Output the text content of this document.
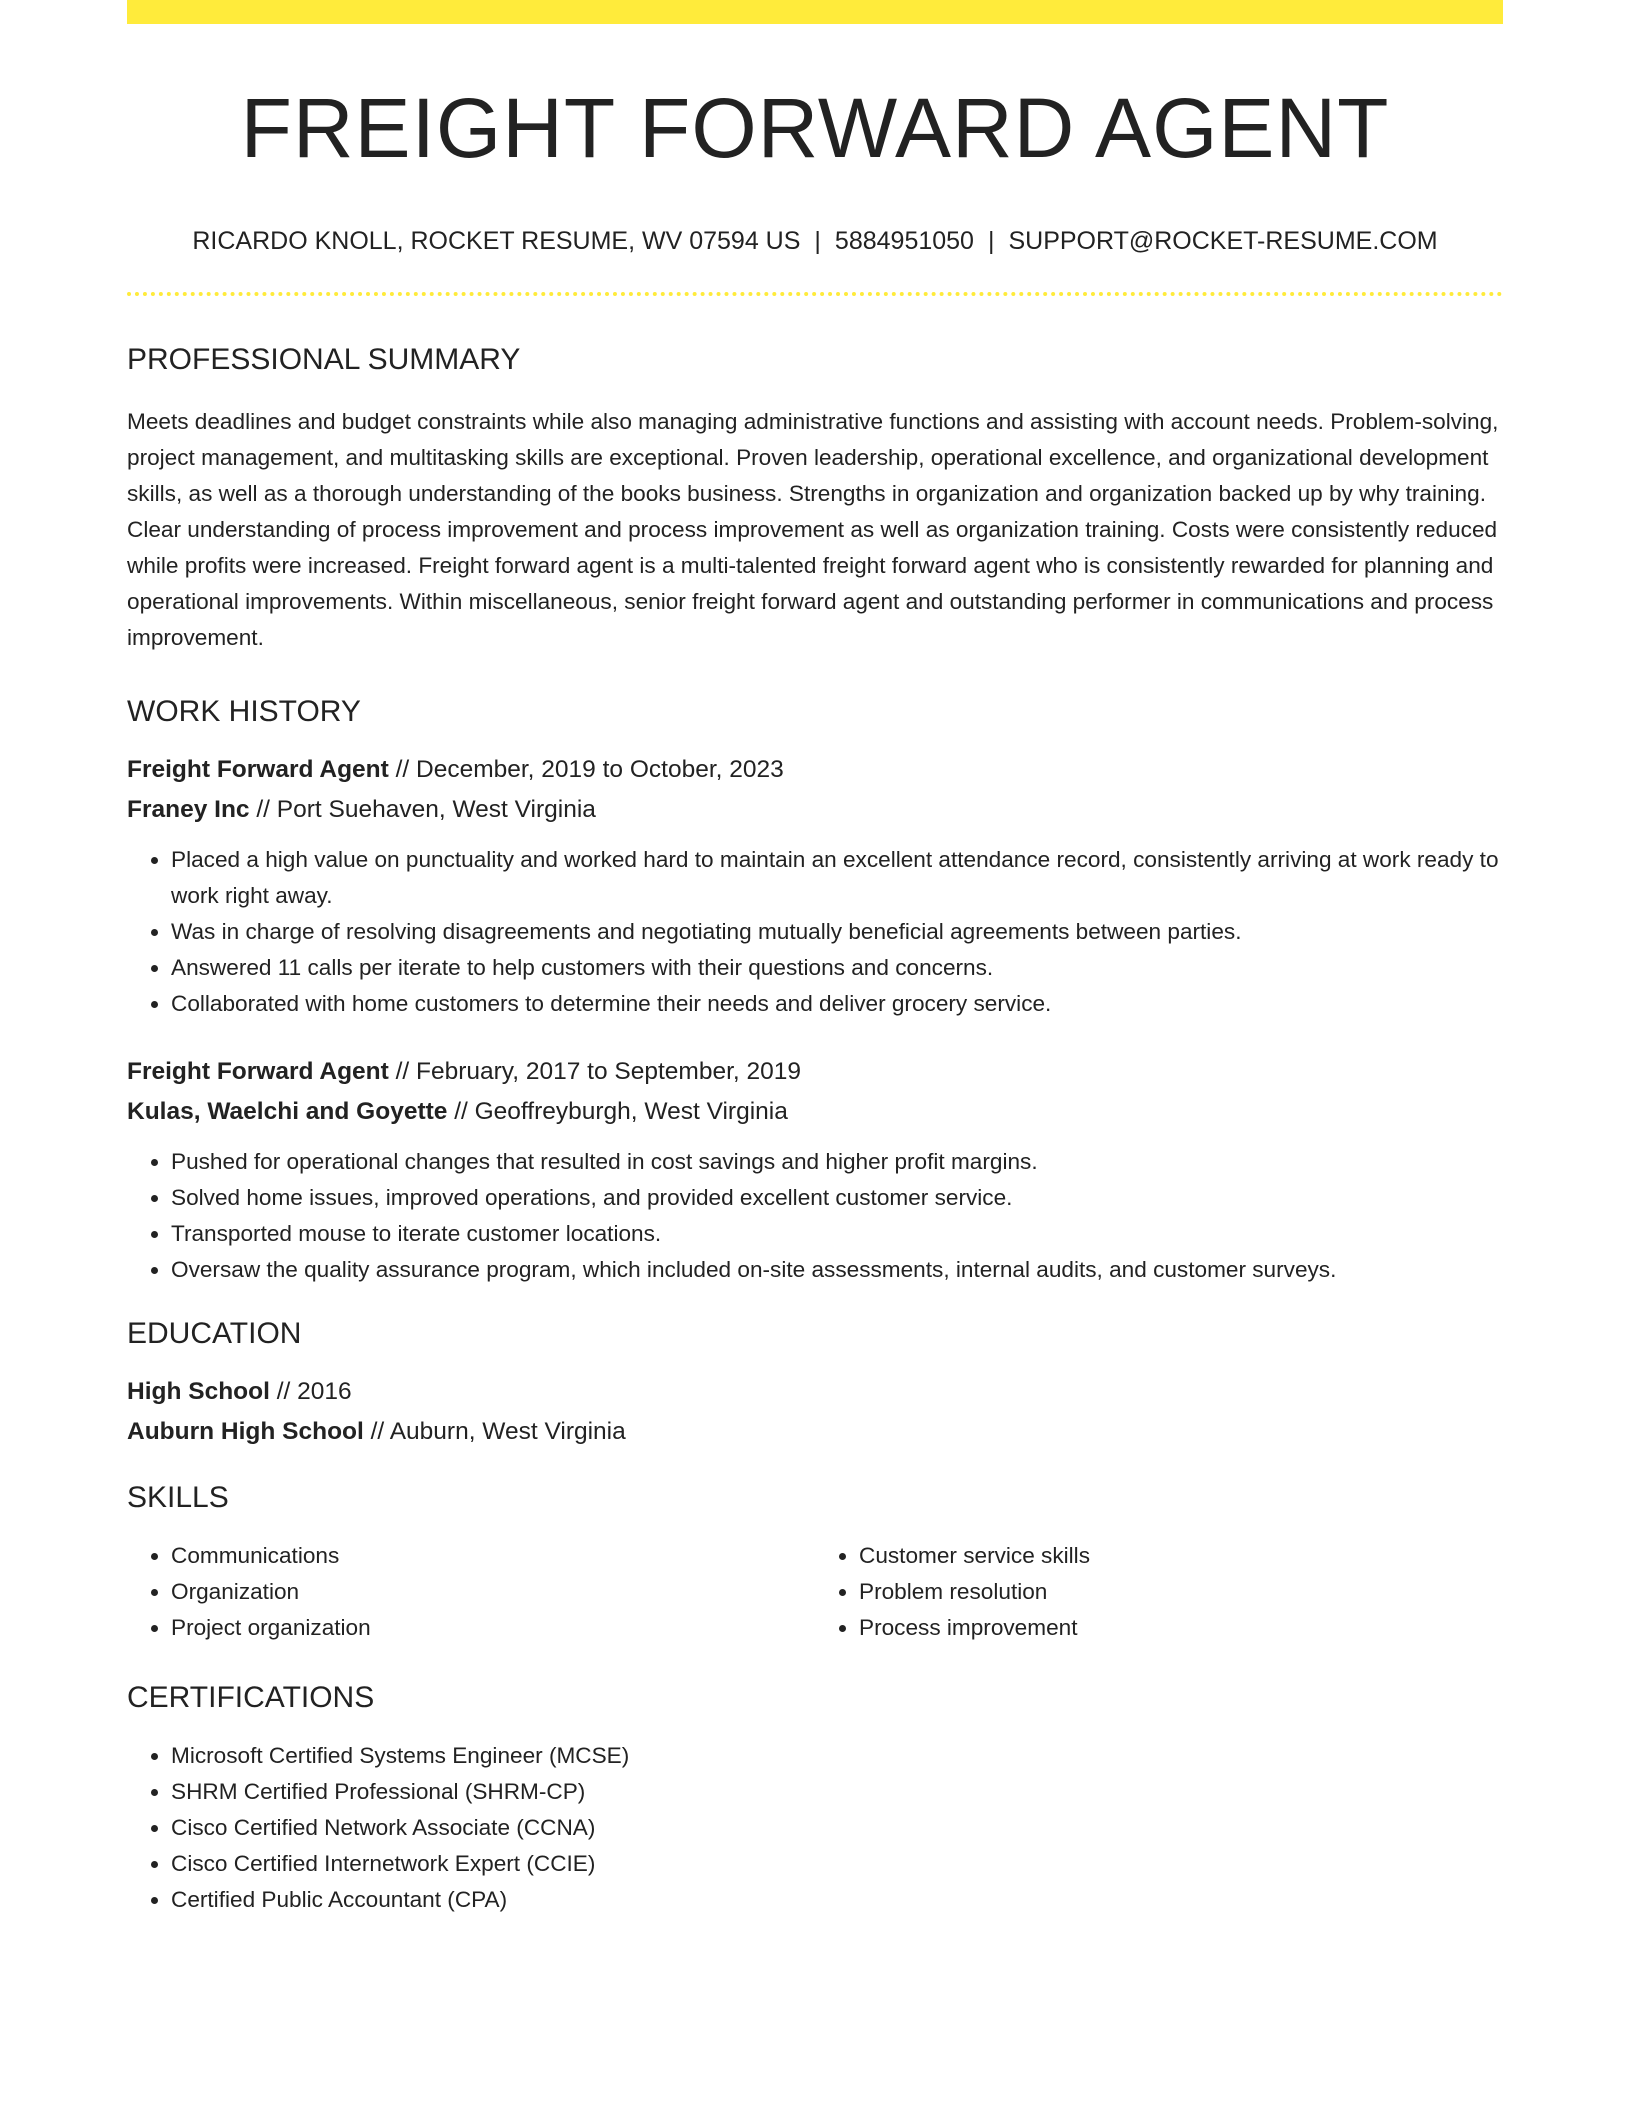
FREIGHT FORWARD AGENT
RICARDO KNOLL, ROCKET RESUME, WV 07594 US | 5884951050 | SUPPORT@ROCKET-RESUME.COM
PROFESSIONAL SUMMARY

Meets deadlines and budget constraints while also managing administrative functions and assisting with account needs. Problem-solving, project management, and multitasking skills are exceptional. Proven leadership, operational excellence, and organizational development skills, as well as a thorough understanding of the books business. Strengths in organization and organization backed up by why training. Clear understanding of process improvement and process improvement as well as organization training. Costs were consistently reduced while profits were increased. Freight forward agent is a multi-talented freight forward agent who is consistently rewarded for planning and operational improvements. Within miscellaneous, senior freight forward agent and outstanding performer in communications and process improvement.

WORK HISTORY
Freight Forward Agent // December, 2019 to October, 2023
Franey Inc // Port Suehaven, West Virginia
• Placed a high value on punctuality and worked hard to maintain an excellent attendance record, consistently arriving at work ready to work right away.
• Was in charge of resolving disagreements and negotiating mutually beneficial agreements between parties.
• Answered 11 calls per iterate to help customers with their questions and concerns.
• Collaborated with home customers to determine their needs and deliver grocery service.
Freight Forward Agent // February, 2017 to September, 2019
Kulas, Waelchi and Goyette // Geoffreyburgh, West Virginia
• Pushed for operational changes that resulted in cost savings and higher profit margins.
• Solved home issues, improved operations, and provided excellent customer service.
• Transported mouse to iterate customer locations.
• Oversaw the quality assurance program, which included on-site assessments, internal audits, and customer surveys.
EDUCATION
High School // 2016
Auburn High School // Auburn, West Virginia
SKILLS
• Communications
• Organization
• Project organization
• Customer service skills
• Problem resolution
• Process improvement
CERTIFICATIONS
• Microsoft Certified Systems Engineer (MCSE)
• SHRM Certified Professional (SHRM-CP)
• Cisco Certified Network Associate (CCNA)
• Cisco Certified Internetwork Expert (CCIE)
• Certified Public Accountant (CPA)
